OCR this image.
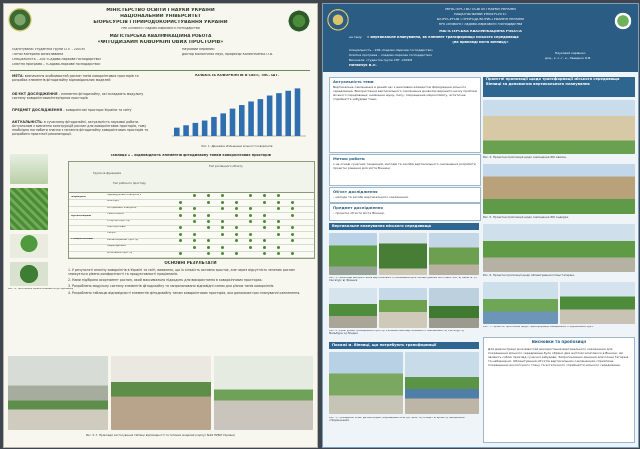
МІНІСТЕРСТВО ОСВІТИ І НАУКИ УКРАЇНИ
НАЦІОНАЛЬНИЙ УНІВЕРСИТЕТ
БІОРЕСУРСІВ І ПРИРОДОКОРИСТУВАННЯ УКРАЇНИ
ННІ Лісового і садово-паркового господарства
МАГІСТЕРСЬКА КВАЛІФІКАЦІЙНА РОБОТА
«ФІТОДИЗАЙН КОВОРКІНГОВИХ ПРОСТОРІВ»
Підготувала: студентка групи СПГ - 2001М
Тягній Катерина Вячеславівна
Спеціальність – 206 «Садово-паркове господарство»
Освітня програма – «Садово-паркове господарство»
Науковий керівник:
доктор біологічних наук, професор Колесніченко О.В.
МЕТА: визначення особливостей рослин типів коворкінгових просторів та розробка елементів фітодизайну відповідальних моделей
ОБ'ЄКТ ДОСЛІДЖЕННЯ – елементи фітодизайну, які складають модульну систему коворкінговихінтер'єрних просторів
ПРЕДМЕТ ДОСЛІДЖЕННЯ – коворкінгові простори України та світу
АКТУАЛЬНІСТЬ: в сучасному фітодизайні, актуальність наукової роботи. Актуальним є вивчення конструкцій рослин для коворкінгових просторів, тому необхідно поглибити знання з питання фітодизайну коворкінгових просторів та розробити практичні рекомендації.
КІЛЬКІСТЬ КОВОРКІНГІВ В СВІТІ, ТИС. ШТ.
Рис. 1. Динаміка збільшення кількості коворкінгів
Рис. 4. Таксономія оцінки елементів фітодизайну
Таблиця 1 – Відповідність елементів фітодизайну типам коворкінгових просторів
Групи за функціями
Тип робочого простору
Тип рослинного об'єкту
Індивідуальні коворкінги
Міні-офіс
Об'єднаний коворкінг
Тематичний
Стартап-простір
Корпоративні
Творчі
Релаксаційний простір
Кафе/Їдальня
Мобільний простір
Формуючі
Організаційні
Спеціалізовані
ОСНОВНІ РЕЗУЛЬТАТИ
1. У результаті аналізу коворкінгів в Україні та світі, виявлено, що їх кількість активно зростає, але через відсутність зелених рослин знижується рівень комфортності та продуктивності працівників.
2. Нами підібрано асортимент рослин, який максимально підходить для використання в коворкінгових просторах.
3. Розроблено модульну систему елементів фітодизайну та запропоновано відповідні схеми для різних типів коворкінгів.
4. Розроблено таблицю відповідності елементів фітодизайну типам коворкінгових просторів, яка допоможе при плануванні озеленення.
Рис. 5–7. Приклади застосування таблиці відповідності та типових моделей (корпус №29 НУБіП України)
МІНІСТЕРСТВО ОСВІТИ І НАУКИ УКРАЇНИ
НАЦІОНАЛЬНИЙ УНІВЕРСИТЕТ
БІОРЕСУРСІВ І ПРИРОДОКОРИСТУВАННЯ УКРАЇНИ
ННІ Лісового і садово-паркового господарства
МАГІСТЕРСЬКА КВАЛІФІКАЦІЙНА РОБОТА
на тему: « Вертикальне планування, як елемент трансформації міського середовища
(на прикладі міста Вінниці)»
Спеціальність – 206 «Садово-паркове господарство»
Освітня програма – «Садово-паркове господарство»
Виконала: студентка групи СПГ -2001М
Натайчук В.П.
Науковий керівник:
доц., к. с.-г. н., Лещенко О.В.
Актуальність теми
Вертикальне озеленення в даний час є важливим елементом формування міського середовища. Використання вертикального озеленення дозволяє вирішити низку проблем міського середовища: зниження шуму, пилу, покращення мікроклімату, естетичне сприйняття забудови тощо.
Метою роботи
є на основі сучасних тенденцій, методів та засобів вертикального озеленення розробити проектні рішення для міста Вінниці.
Об'єкт дослідження
– методи та засоби вертикального озеленення.
Предмет дослідження
– проектні об'єкти міста Вінниці.
Вертикальне планування міського середовища
Рис. 1. Приклади використання вертикального озеленення для облаштування житлових зон: а) Бельгія; б) Сінгапур; в) Франція
Рис. 2. Культурний громадський простір з елементами вертикального озеленення: а) Сінгапур; б) Мельбурн; в) Лондон
Покажі м. Вінниці, що потребують трансформації
Рис. 3. Громадські зони, де необхідне покращення благоустрою: а) площа Гагаріна; б) набережна «Подільський»
Проєктні пропозиції щодо трансформації міського середовища Вінниці за допомогою вертикального планування
Рис. 4. Проектна пропозиція щодо озеленення ЖК Авалон.
Рис. 5. Проектна пропозиція щодо озеленення ЖК Андорра.
Рис. 6. Проектні пропозиції щодо облаштування площі Гагаріна.
Рис. 7. Проектні пропозиції щодо трансформації набережної «Подільський Бук».
Висновки та пропозиції
Для демонстрації можливостей використання вертикального озеленення для покращення міського середовища було обрано два житлові комплекси в Вінниці, які являють собою приклад сучасної забудови. Запропоновано рішення для площі Гагаріна та набережної. Облаштування об'єктів вертикальним озелененням сприятиме покращенню екологічного стану та естетичного сприйняття міського середовища.
